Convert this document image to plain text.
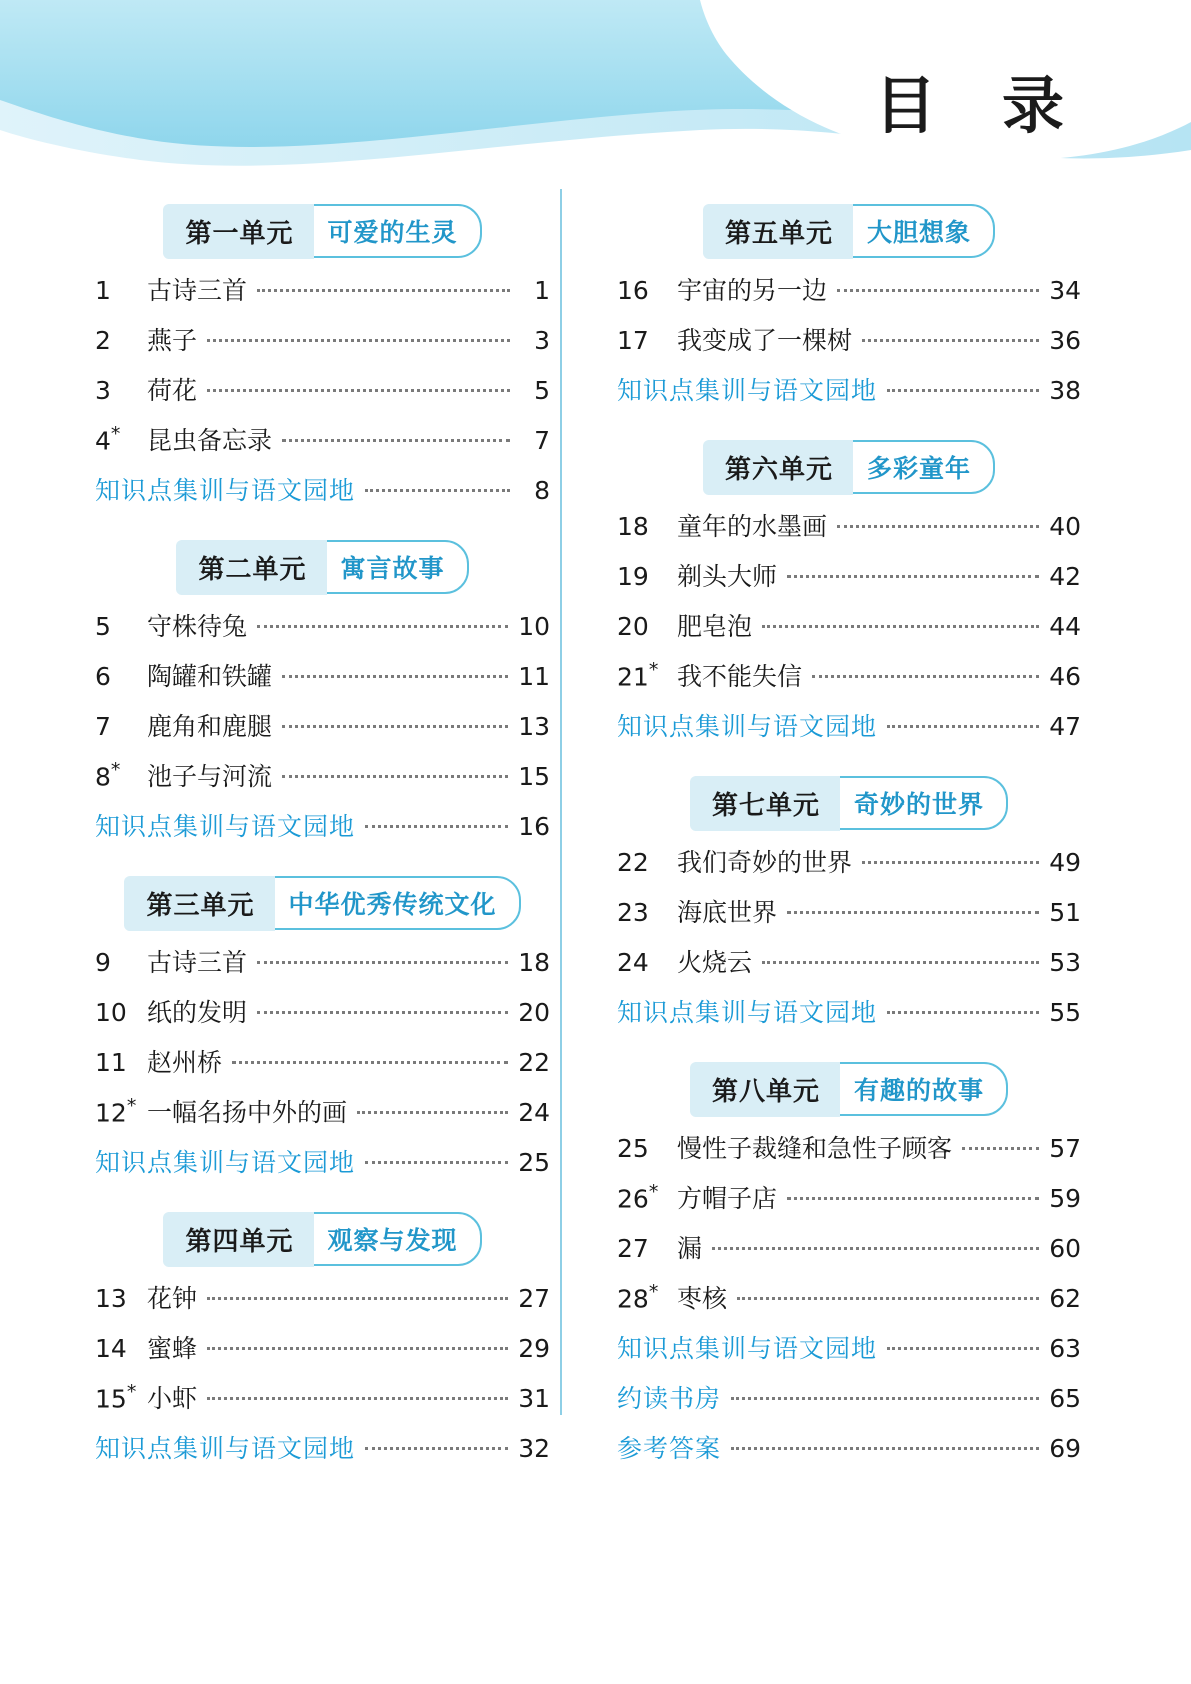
目 录
第一单元	可爱的生灵
1	古诗三首	1
2	燕子	3
3	荷花	5
4*	昆虫备忘录	7
知识点集训与语文园地	8
第二单元	寓言故事
5	守株待兔	10
6	陶罐和铁罐	11
7	鹿角和鹿腿	13
8*	池子与河流	15
知识点集训与语文园地	16
第三单元	中华优秀传统文化
9	古诗三首	18
10 纸的发明	20
11 赵州桥	22
12* 一幅名扬中外的画	24
知识点集训与语文园地	25
第四单元	观察与发现
13 花钟	27
14 蜜蜂	29
15* 小虾	31
知识点集训与语文园地	32
第五单元	大胆想象
16	宇宙的另一边	34
17	我变成了一棵树	36
知识点集训与语文园地	38
第六单元	多彩童年
18	童年的水墨画	40
19	剃头大师	42
20	肥皂泡	44
21* 我不能失信	46
知识点集训与语文园地	47
第七单元	奇妙的世界
22	我们奇妙的世界	49
23	海底世界	51
24	火烧云	53
知识点集训与语文园地	55
第八单元	有趣的故事
25	慢性子裁缝和急性子顾客	57
26* 方帽子店	59
27	漏	60
28* 枣核	62
知识点集训与语文园地	63
约读书房	65
参考答案	69
